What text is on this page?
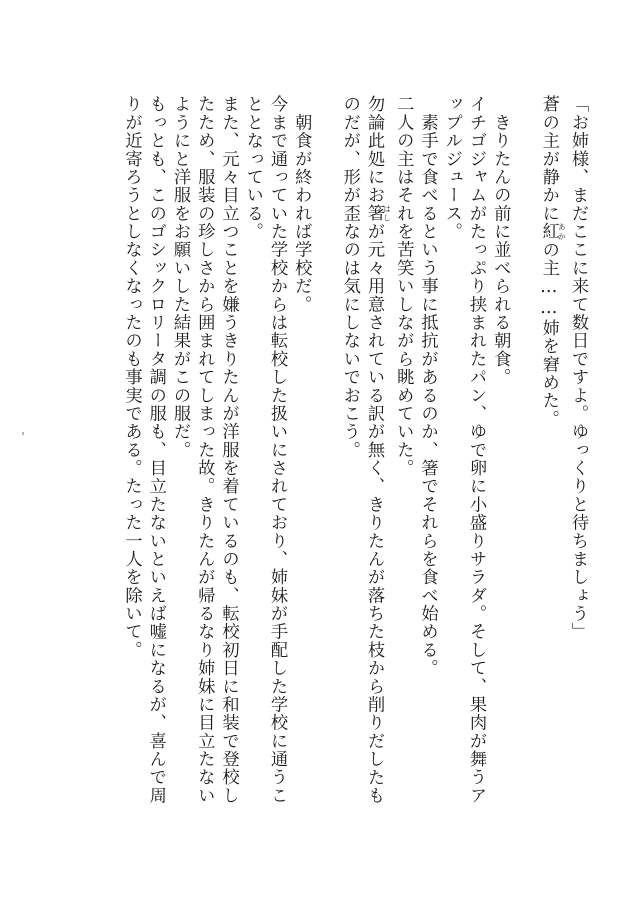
「お姉様、まだここに来て数日ですよ。ゆっくりと待ちましょう」
蒼の主が静かに紅あかの主……姉を窘めた。
　きりたんの前に並べられる朝食。
イチゴジャムがたっぷり挟まれたパン、ゆで卵に小盛りサラダ。そして、果肉が舞うア
ップルジュース。
　素手で食べるという事に抵抗があるのか、箸でそれらを食べ始める。
二人の主はそれを苦笑いしながら眺めていた。
勿論此処にお箸はしが元々用意されている訳が無く、きりたんが落ちた枝から削りだしたも
のだが、形が歪なのは気にしないでおこう。
　朝食が終われば学校だ。
今まで通っていた学校からは転校した扱いにされており、姉妹が手配した学校に通うこ
ととなっている。
また、元々目立つことを嫌うきりたんが洋服を着ているのも、転校初日に和装で登校し
たため、服装の珍しさから囲まれてしまった故。きりたんが帰るなり姉妹に目立たない
ようにと洋服をお願いした結果がこの服だ。
もっとも、このゴシックロリータ調の服も、目立たないといえば嘘になるが、喜んで周
りが近寄ろうとしなくなったのも事実である。たった一人を除いて。
